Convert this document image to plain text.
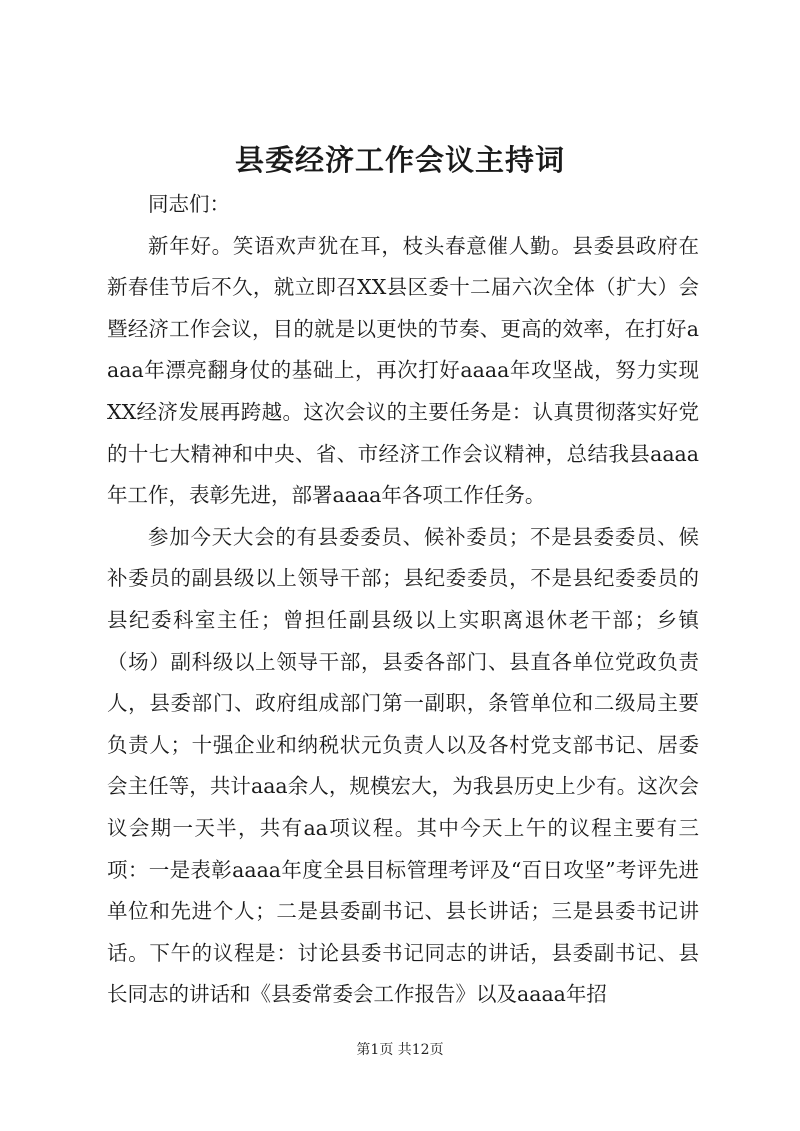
县委经济工作会议主持词

同志们：

新年好。笑语欢声犹在耳，枝头春意催人勤。县委县政府在新春佳节后不久，就立即召XX县区委十二届六次全体（扩大）会暨经济工作会议，目的就是以更快的节奏、更高的效率，在打好aaaa年漂亮翻身仗的基础上，再次打好aaaa年攻坚战，努力实现XX经济发展再跨越。这次会议的主要任务是：认真贯彻落实好党的十七大精神和中央、省、市经济工作会议精神，总结我县aaaa年工作，表彰先进，部署aaaa年各项工作任务。

参加今天大会的有县委委员、候补委员；不是县委委员、候补委员的副县级以上领导干部；县纪委委员，不是县纪委委员的县纪委科室主任；曾担任副县级以上实职离退休老干部；乡镇（场）副科级以上领导干部，县委各部门、县直各单位党政负责人，县委部门、政府组成部门第一副职，条管单位和二级局主要负责人；十强企业和纳税状元负责人以及各村党支部书记、居委会主任等，共计aaa余人，规模宏大，为我县历史上少有。这次会议会期一天半，共有aa项议程。其中今天上午的议程主要有三项：一是表彰aaaa年度全县目标管理考评及“百日攻坚”考评先进单位和先进个人；二是县委副书记、县长讲话；三是县委书记讲话。下午的议程是：讨论县委书记同志的讲话，县委副书记、县长同志的讲话和《县委常委会工作报告》以及aaaa年招

第1页 共12页
